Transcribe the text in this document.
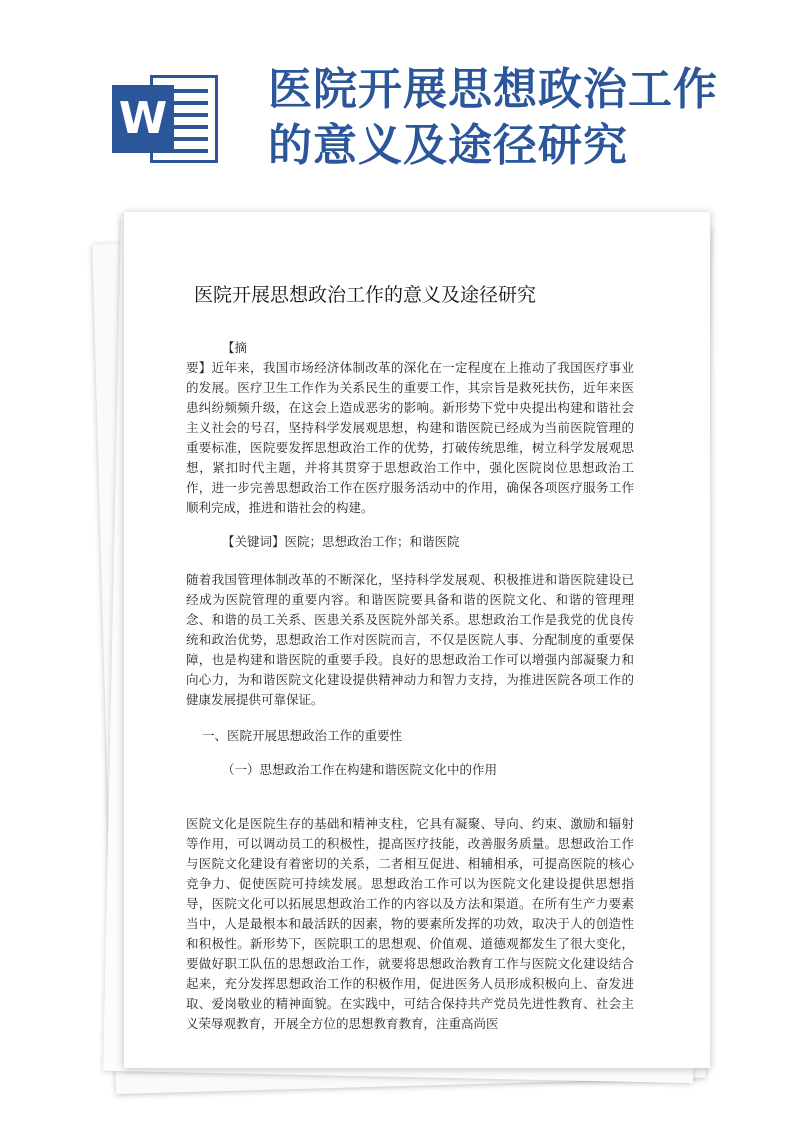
W
医院开展思想政治工作的意义及途径研究
医院开展思想政治工作的意义及途径研究
【摘
要】近年来，我国市场经济体制改革的深化在一定程度在上推动了我国医疗事业的发展。医疗卫生工作作为关系民生的重要工作，其宗旨是救死扶伤，近年来医患纠纷频频升级，在这会上造成恶劣的影响。新形势下党中央提出构建和谐社会主义社会的号召，坚持科学发展观思想，构建和谐医院已经成为当前医院管理的重要标准，医院要发挥思想政治工作的优势，打破传统思维，树立科学发展观思想，紧扣时代主题，并将其贯穿于思想政治工作中，强化医院岗位思想政治工作，进一步完善思想政治工作在医疗服务活动中的作用，确保各项医疗服务工作顺利完成，推进和谐社会的构建。

【关键词】医院；思想政治工作；和谐医院

随着我国管理体制改革的不断深化，坚持科学发展观、积极推进和谐医院建设已经成为医院管理的重要内容。和谐医院要具备和谐的医院文化、和谐的管理理念、和谐的员工关系、医患关系及医院外部关系。思想政治工作是我党的优良传统和政治优势，思想政治工作对医院而言，不仅是医院人事、分配制度的重要保障，也是构建和谐医院的重要手段。良好的思想政治工作可以增强内部凝聚力和向心力，为和谐医院文化建设提供精神动力和智力支持，为推进医院各项工作的健康发展提供可靠保证。

一、医院开展思想政治工作的重要性

（一）思想政治工作在构建和谐医院文化中的作用

医院文化是医院生存的基础和精神支柱，它具有凝聚、导向、约束、激励和辐射等作用，可以调动员工的积极性，提高医疗技能，改善服务质量。思想政治工作与医院文化建设有着密切的关系，二者相互促进、相辅相承，可提高医院的核心竞争力、促使医院可持续发展。思想政治工作可以为医院文化建设提供思想指导，医院文化可以拓展思想政治工作的内容以及方法和渠道。在所有生产力要素当中，人是最根本和最活跃的因素，物的要素所发挥的功效，取决于人的创造性和积极性。新形势下，医院职工的思想观、价值观、道德观都发生了很大变化，要做好职工队伍的思想政治工作，就要将思想政治教育工作与医院文化建设结合起来，充分发挥思想政治工作的积极作用，促进医务人员形成积极向上、奋发进取、爱岗敬业的精神面貌。在实践中，可结合保持共产党员先进性教育、社会主义荣辱观教育，开展全方位的思想教育教育，注重高尚医
